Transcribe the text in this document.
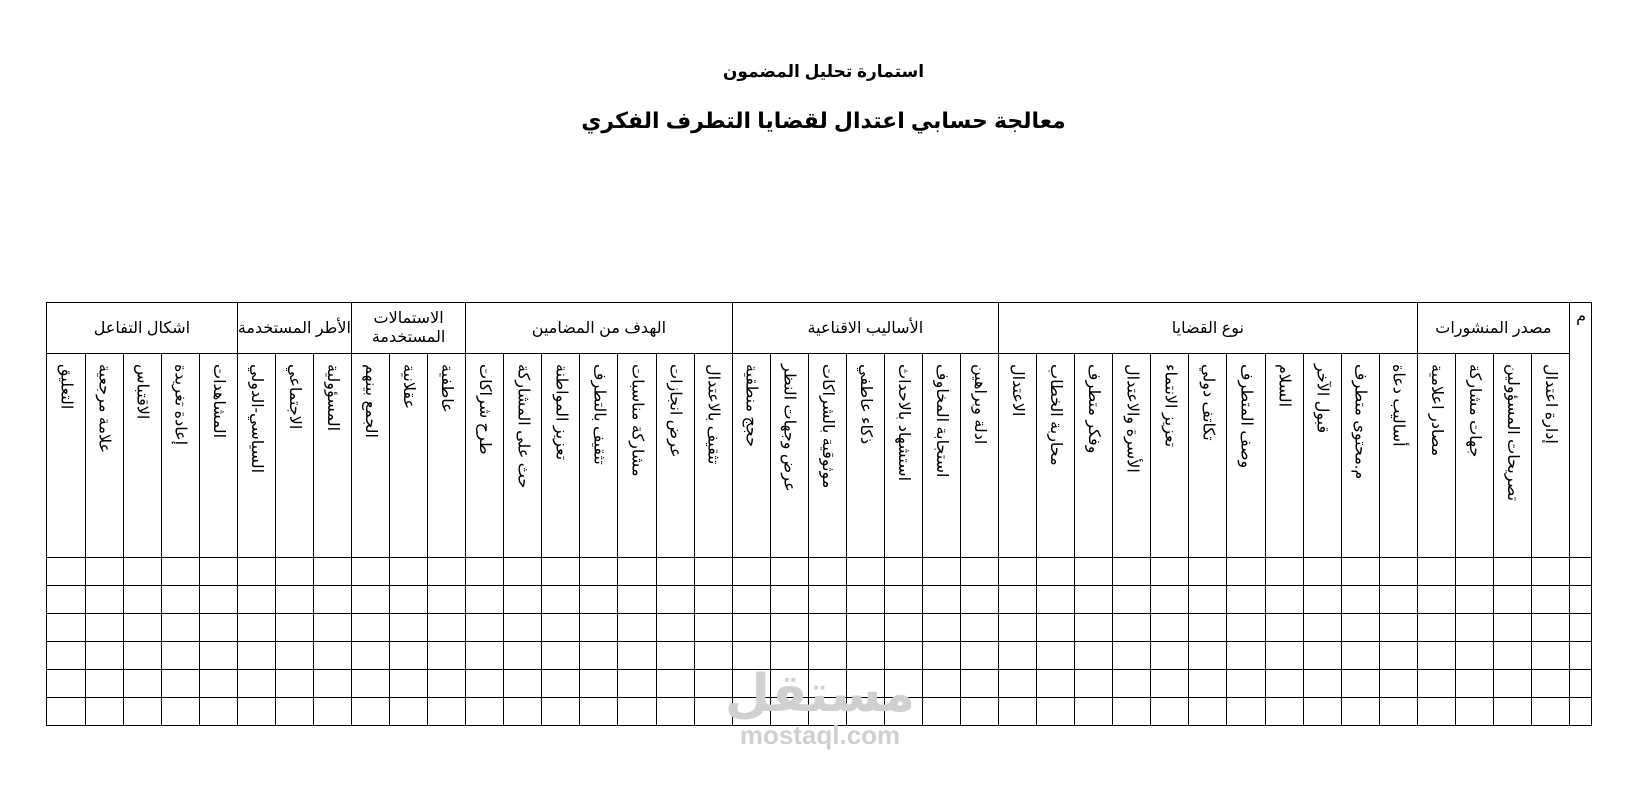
استمارة تحليل المضمون
معالجة حسابي اعتدال لقضايا التطرف الفكري
م	مصدر المنشورات				نوع القضايا											الأساليب الاقناعية							الهدف من المضامين							الاستمالات المستخدمة			الأطر المستخدمة			اشكال التفاعل				

	إدارة اعتدال	تصريحات المسؤولين	جهات مشاركة	مصادر اعلامية	أساليب دعاة	م.محتوى متطرف	قبول الآخر	السلام	وصف المتطرف	تكاتف دولي	تعزيز الانتماء	الأسرة والاعتدال	وفكر متطرف	محاربة الخطاب	الاعتدال	ادلة وبراهين	استجابة المخاوف	استشهاد بالاحداث	ذكاء عاطفي	موثوقية بالشراكات	عرض وجهات النظر	حجج منطقية	تثقيف بالاعتدال	عرض انجازات	مشاركة مناسبات	تثقيف بالتطرف	تعزيز المواطنة	حث على المشاركة	طرح شراكات	عاطفية	عقلانية	الجمع بينهم	المسؤولية	الاجتماعي	السياسي-الدولي	المشاهدات	إعادة تغريدة	الاقتباس	علامة مرجعية	التعليق

مستقل
mostaql.com
